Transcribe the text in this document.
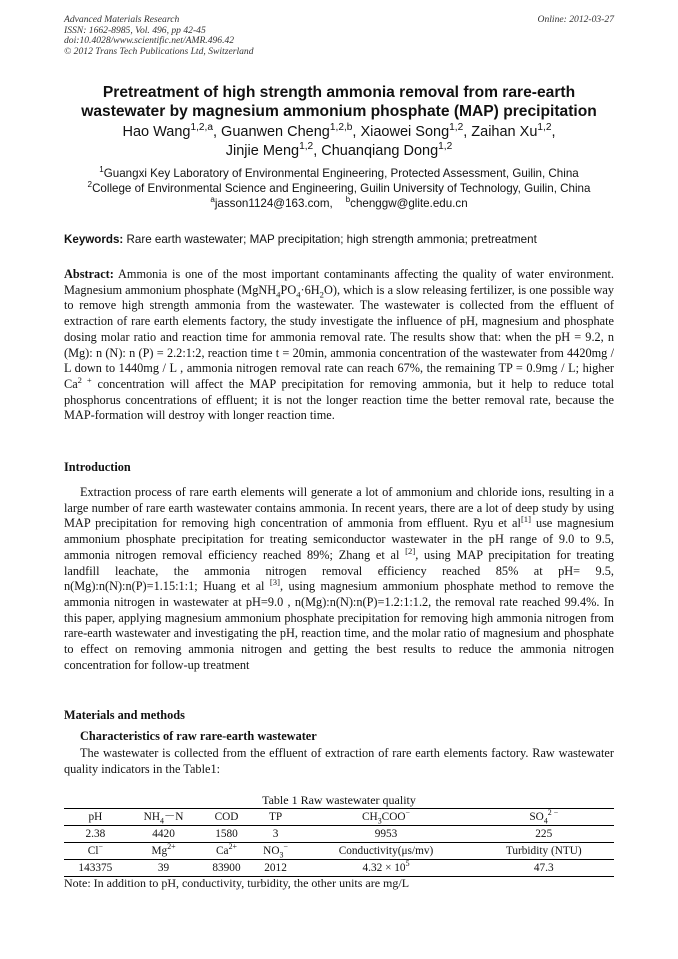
Advanced Materials Research
ISSN: 1662-8985, Vol. 496, pp 42-45
doi:10.4028/www.scientific.net/AMR.496.42
© 2012 Trans Tech Publications Ltd, Switzerland
Online: 2012-03-27
Pretreatment of high strength ammonia removal from rare-earth
wastewater by magnesium ammonium phosphate (MAP) precipitation
Hao Wang$^{1,2,a}$, Guanwen Cheng$^{1,2,b}$, Xiaowei Song$^{1,2}$, Zaihan Xu$^{1,2}$,
Jinjie Meng$^{1,2}$, Chuanqiang Dong$^{1,2}$
$^1$Guangxi Key Laboratory of Environmental Engineering, Protected Assessment, Guilin, China
$^2$College of Environmental Science and Engineering, Guilin University of Technology, Guilin, China
$^a$jasson1124@163.com, $^b$chenggw@glite.edu.cn
Keywords: Rare earth wastewater; MAP precipitation; high strength ammonia; pretreatment
Abstract: Ammonia is one of the most important contaminants affecting the quality of water environment. Magnesium ammonium phosphate $(MgNH_4PO_4\cdot 6H_2O)$, which is a slow releasing fertilizer, is one possible way to remove high strength ammonia from the wastewater. The wastewater is collected from the effluent of extraction of rare earth elements factory, the study investigate the influence of pH, magnesium and phosphate dosing molar ratio and reaction time for ammonia removal rate. The results show that: when the pH = 9.2, n (Mg): n (N): n (P) = 2.2:1:2, reaction time t = 20min, ammonia concentration of the wastewater from 4420mg / L down to 1440mg / L , ammonia nitrogen removal rate can reach 67%, the remaining TP = 0.9mg / L; higher $Ca^{2 +}$ concentration will affect the MAP precipitation for removing ammonia, but it help to reduce total phosphorus concentrations of effluent; it is not the longer reaction time the better removal rate, because the MAP-formation will destroy with longer reaction time.
Introduction
Extraction process of rare earth elements will generate a lot of ammonium and chloride ions, resulting in a large number of rare earth wastewater contains ammonia. In recent years, there are a lot of deep study by using MAP precipitation for removing high concentration of ammonia from effluent. Ryu et al[1] use magnesium ammonium phosphate precipitation for treating semiconductor wastewater in the pH range of 9.0 to 9.5, ammonia nitrogen removal efficiency reached 89%; Zhang et al [2], using MAP precipitation for treating landfill leachate, the ammonia nitrogen removal efficiency reached 85% at pH= 9.5, n(Mg):n(N):n(P)=1.15:1:1; Huang et al [3], using magnesium ammonium phosphate method to remove the ammonia nitrogen in wastewater at pH=9.0 , n(Mg):n(N):n(P)=1.2:1:1.2, the removal rate reached 99.4%. In this paper, applying magnesium ammonium phosphate precipitation for removing high ammonia nitrogen from rare-earth wastewater and investigating the pH, reaction time, and the molar ratio of magnesium and phosphate to effect on removing ammonia nitrogen and getting the best results to reduce the ammonia nitrogen concentration for follow-up treatment
Materials and methods
Characteristics of raw rare-earth wastewater
The wastewater is collected from the effluent of extraction of rare earth elements factory. Raw wastewater quality indicators in the Table1:
Table 1 Raw wastewater quality
pH	$NH_4-N$	COD	TP	$CH_3COO^-$	$SO_4^{2 -}$
2.38	4420	1580	3	9953	225
Cl−	$Mg^{2+}$	$Ca^{2+}$	$NO_3^-$	Conductivity(μs/mv)	Turbidity (NTU)
143375	39	83900	2012	$4.32 \times 10^5$	47.3
Note: In addition to pH, conductivity, turbidity, the other units are mg/L
